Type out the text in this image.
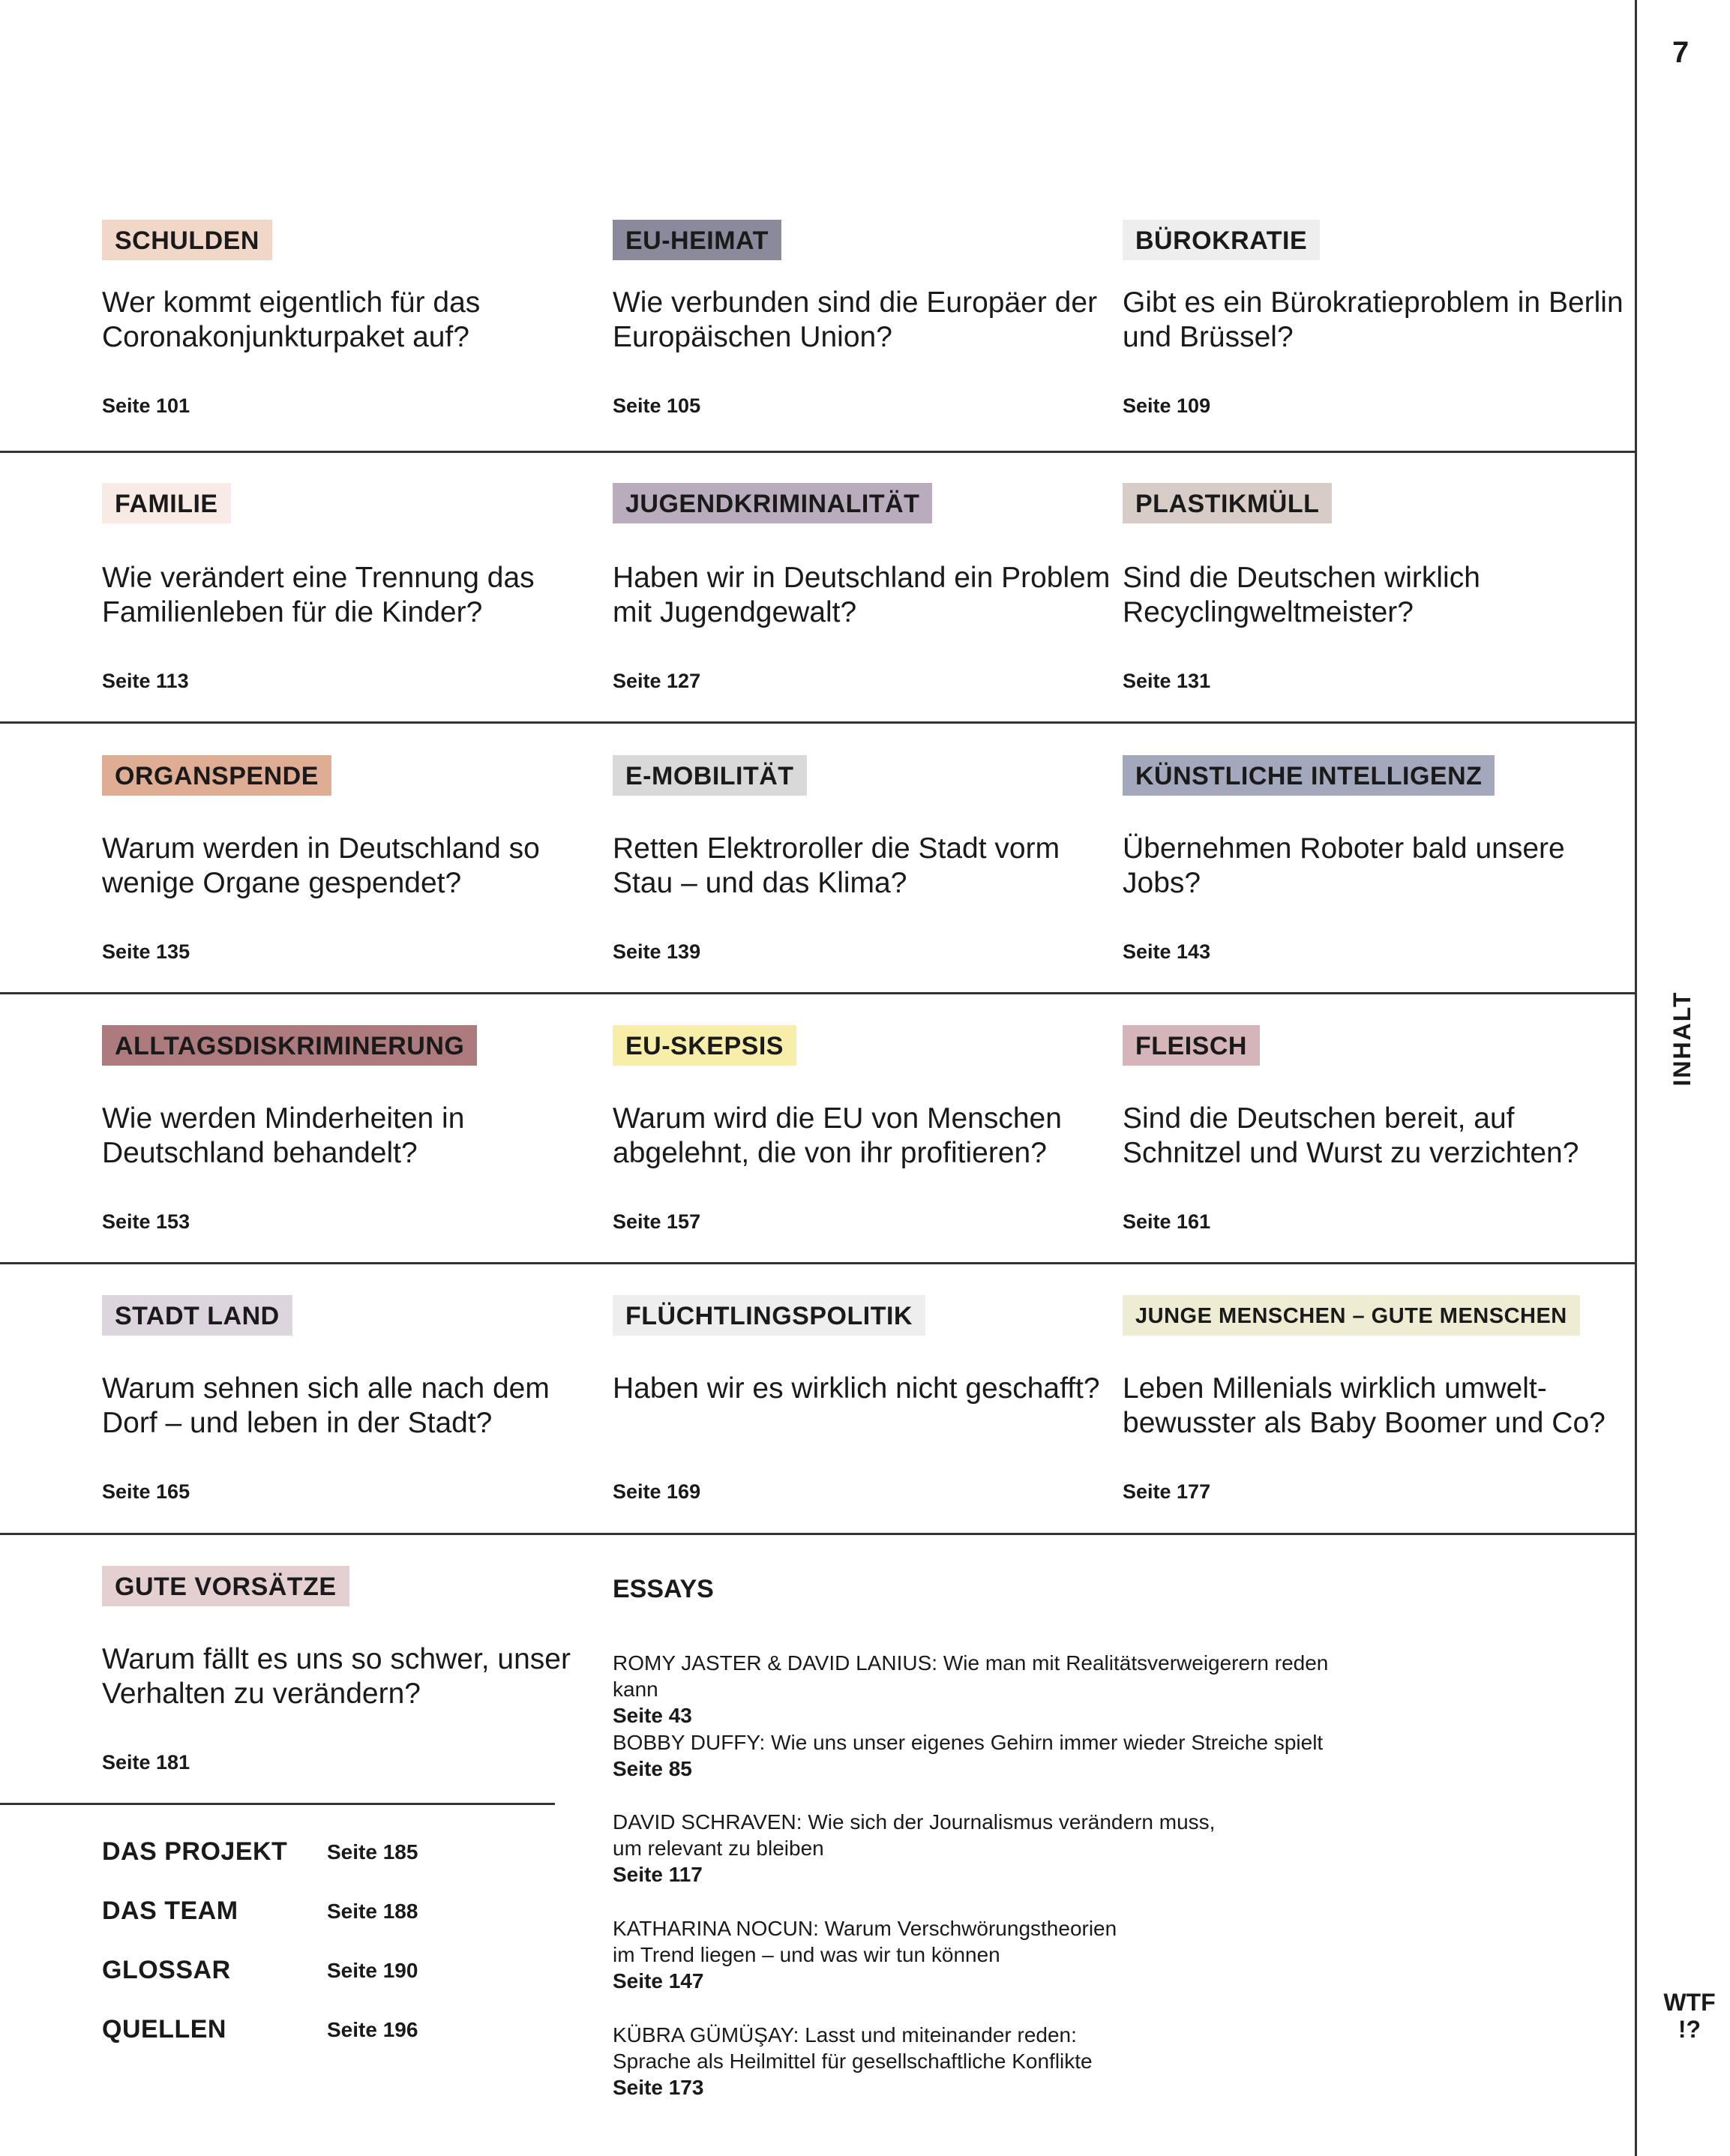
7
INHALT
WTF
!?
SCHULDEN
Wer kommt eigentlich für das Coronakonjunkturpaket auf?
Seite 101
EU-HEIMAT
Wie verbunden sind die Europäer der Europäischen Union?
Seite 105
BÜROKRATIE
Gibt es ein Bürokratieproblem in Berlin und Brüssel?
Seite 109
FAMILIE
Wie verändert eine Trennung das Familienleben für die Kinder?
Seite 113
JUGENDKRIMINALITÄT
Haben wir in Deutschland ein Problem mit Jugendgewalt?
Seite 127
PLASTIKMÜLL
Sind die Deutschen wirklich Recyclingweltmeister?
Seite 131
ORGANSPENDE
Warum werden in Deutschland so wenige Organe gespendet?
Seite 135
E-MOBILITÄT
Retten Elektroroller die Stadt vorm Stau – und das Klima?
Seite 139
KÜNSTLICHE INTELLIGENZ
Übernehmen Roboter bald unsere Jobs?
Seite 143
ALLTAGSDISKRIMINERUNG
Wie werden Minderheiten in Deutschland behandelt?
Seite 153
EU-SKEPSIS
Warum wird die EU von Menschen abgelehnt, die von ihr profitieren?
Seite 157
FLEISCH
Sind die Deutschen bereit, auf Schnitzel und Wurst zu verzichten?
Seite 161
STADT LAND
Warum sehnen sich alle nach dem Dorf – und leben in der Stadt?
Seite 165
FLÜCHTLINGSPOLITIK
Haben wir es wirklich nicht geschafft?
Seite 169
JUNGE MENSCHEN – GUTE MENSCHEN
Leben Millenials wirklich umwelt-bewusster als Baby Boomer und Co?
Seite 177
GUTE VORSÄTZE
Warum fällt es uns so schwer, unser Verhalten zu verändern?
Seite 181
ESSAYS
ROMY JASTER & DAVID LANIUS: Wie man mit Realitätsverweigerern reden kann
Seite 43
BOBBY DUFFY: Wie uns unser eigenes Gehirn immer wieder Streiche spielt
Seite 85
DAVID SCHRAVEN: Wie sich der Journalismus verändern muss,
um relevant zu bleiben
Seite 117
KATHARINA NOCUN: Warum Verschwörungstheorien
im Trend liegen – und was wir tun können
Seite 147
KÜBRA GÜMÜŞAY: Lasst und miteinander reden:
Sprache als Heilmittel für gesellschaftliche Konflikte
Seite 173
DAS PROJEKT Seite 185
DAS TEAM	Seite 188
GLOSSAR	Seite 190
QUELLEN	Seite 196
